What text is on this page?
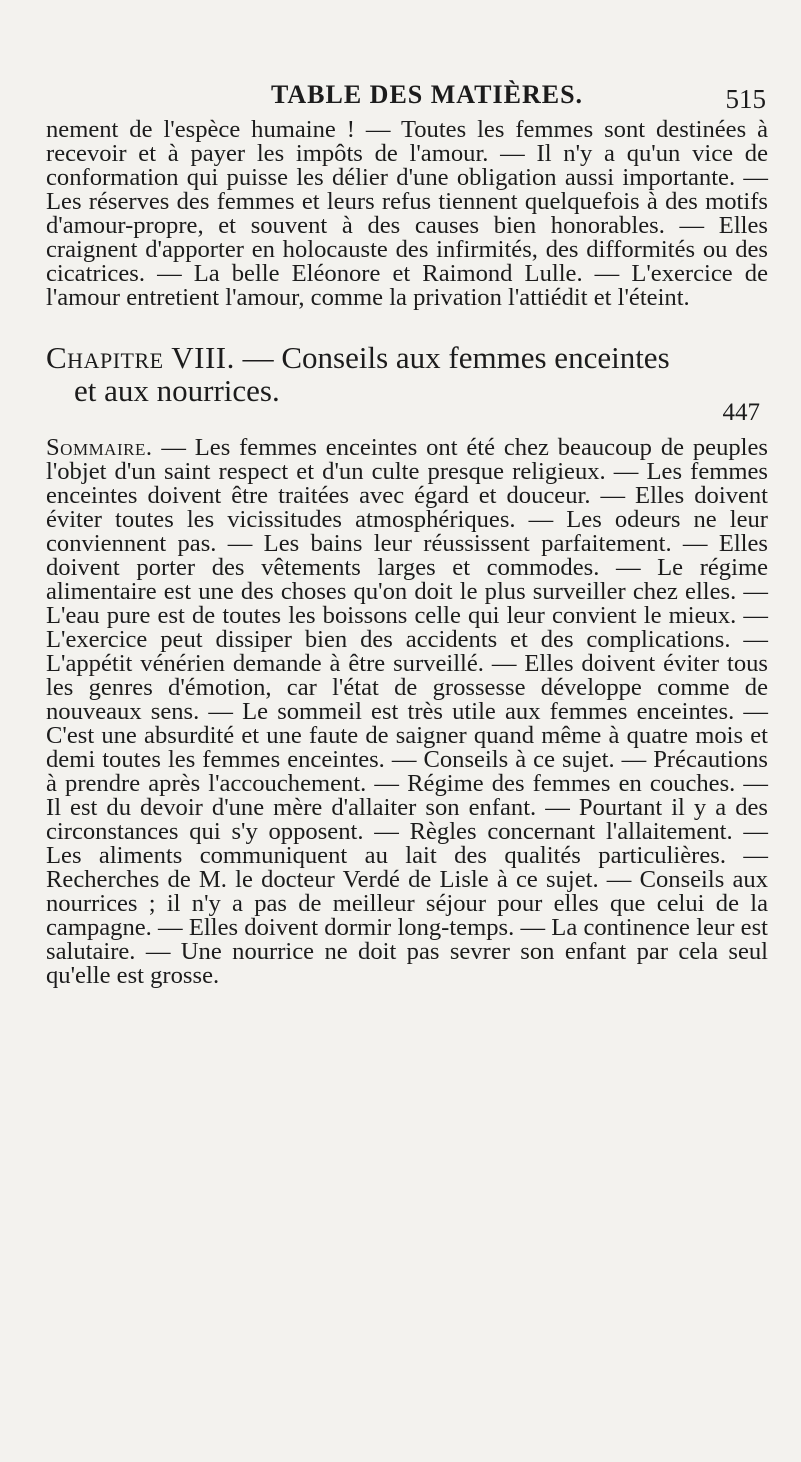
TABLE DES MATIÈRES.	515

nement de l'espèce humaine ! — Toutes les femmes sont destinées à recevoir et à payer les impôts de l'amour. — Il n'y a qu'un vice de conformation qui puisse les délier d'une obligation aussi importante. — Les réserves des femmes et leurs refus tiennent quelquefois à des motifs d'amour-propre, et souvent à des causes bien honorables. — Elles craignent d'apporter en holocauste des infirmités, des difformités ou des cicatrices. — La belle Eléonore et Raimond Lulle. — L'exercice de l'amour entretient l'amour, comme la privation l'attiédit et l'éteint.

Chapitre VIII. — Conseils aux femmes enceintes
et aux nourrices.
447

Sommaire. — Les femmes enceintes ont été chez beaucoup de peuples l'objet d'un saint respect et d'un culte presque religieux. — Les femmes enceintes doivent être traitées avec égard et douceur. — Elles doivent éviter toutes les vicissitudes atmosphériques. — Les odeurs ne leur conviennent pas. — Les bains leur réussissent parfaitement. — Elles doivent porter des vêtements larges et commodes. — Le régime alimentaire est une des choses qu'on doit le plus surveiller chez elles. — L'eau pure est de toutes les boissons celle qui leur convient le mieux. — L'exercice peut dissiper bien des accidents et des complications. — L'appétit vénérien demande à être surveillé. — Elles doivent éviter tous les genres d'émotion, car l'état de grossesse développe comme de nouveaux sens. — Le sommeil est très utile aux femmes enceintes. — C'est une absurdité et une faute de saigner quand même à quatre mois et demi toutes les femmes enceintes. — Conseils à ce sujet. — Précautions à prendre après l'accouchement. — Régime des femmes en couches. — Il est du devoir d'une mère d'allaiter son enfant. — Pourtant il y a des circonstances qui s'y opposent. — Règles concernant l'allaitement. — Les aliments communiquent au lait des qualités particulières. — Recherches de M. le docteur Verdé de Lisle à ce sujet. — Conseils aux nourrices ; il n'y a pas de meilleur séjour pour elles que celui de la campagne. — Elles doivent dormir long-temps. — La continence leur est salutaire. — Une nourrice ne doit pas sevrer son enfant par cela seul qu'elle est grosse.
